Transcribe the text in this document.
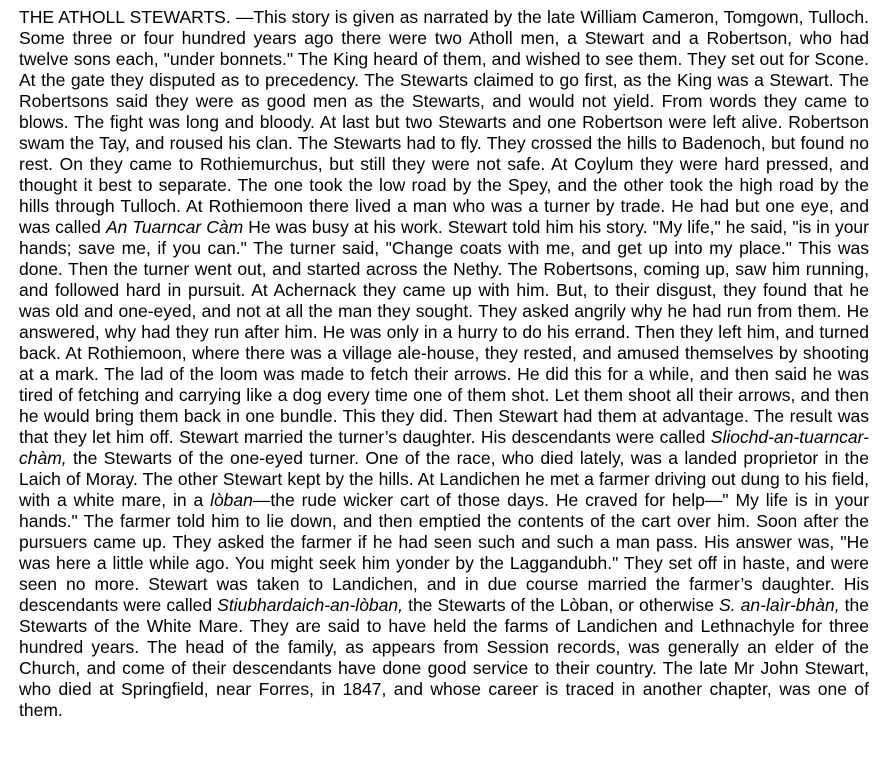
THE ATHOLL STEWARTS. —This story is given as narrated by the late William Cameron, Tomgown, Tulloch. Some three or four hundred years ago there were two Atholl men, a Stewart and a Robertson, who had twelve sons each, "under bonnets." The King heard of them, and wished to see them. They set out for Scone. At the gate they disputed as to precedency. The Stewarts claimed to go first, as the King was a Stewart. The Robertsons said they were as good men as the Stewarts, and would not yield. From words they came to blows. The fight was long and bloody. At last but two Stewarts and one Robertson were left alive. Robertson swam the Tay, and roused his clan. The Stewarts had to fly. They crossed the hills to Badenoch, but found no rest. On they came to Rothiemurchus, but still they were not safe. At Coylum they were hard pressed, and thought it best to separate. The one took the low road by the Spey, and the other took the high road by the hills through Tulloch. At Rothiemoon there lived a man who was a turner by trade. He had but one eye, and was called An Tuarncar Càm He was busy at his work. Stewart told him his story. "My life," he said, "is in your hands; save me, if you can." The turner said, "Change coats with me, and get up into my place." This was done. Then the turner went out, and started across the Nethy. The Robertsons, coming up, saw him running, and followed hard in pursuit. At Achernack they came up with him. But, to their disgust, they found that he was old and one-eyed, and not at all the man they sought. They asked angrily why he had run from them. He answered, why had they run after him. He was only in a hurry to do his errand. Then they left him, and turned back. At Rothiemoon, where there was a village ale-house, they rested, and amused themselves by shooting at a mark. The lad of the loom was made to fetch their arrows. He did this for a while, and then said he was tired of fetching and carrying like a dog every time one of them shot. Let them shoot all their arrows, and then he would bring them back in one bundle. This they did. Then Stewart had them at advantage. The result was that they let him off. Stewart married the turner’s daughter. His descendants were called Sliochd-an-tuarncar-chàm, the Stewarts of the one-eyed turner. One of the race, who died lately, was a landed proprietor in the Laich of Moray. The other Stewart kept by the hills. At Landichen he met a farmer driving out dung to his field, with a white mare, in a lòban—the rude wicker cart of those days. He craved for help—" My life is in your hands." The farmer told him to lie down, and then emptied the contents of the cart over him. Soon after the pursuers came up. They asked the farmer if he had seen such and such a man pass. His answer was, "He was here a little while ago. You might seek him yonder by the Laggandubh." They set off in haste, and were seen no more. Stewart was taken to Landichen, and in due course married the farmer’s daughter. His descendants were called Stiubhardaich-an-lòban, the Stewarts of the Lòban, or otherwise S. an-laìr-bhàn, the Stewarts of the White Mare. They are said to have held the farms of Landichen and Lethnachyle for three hundred years. The head of the family, as appears from Session records, was generally an elder of the Church, and come of their descendants have done good service to their country. The late Mr John Stewart, who died at Springfield, near Forres, in 1847, and whose career is traced in another chapter, was one of them.
